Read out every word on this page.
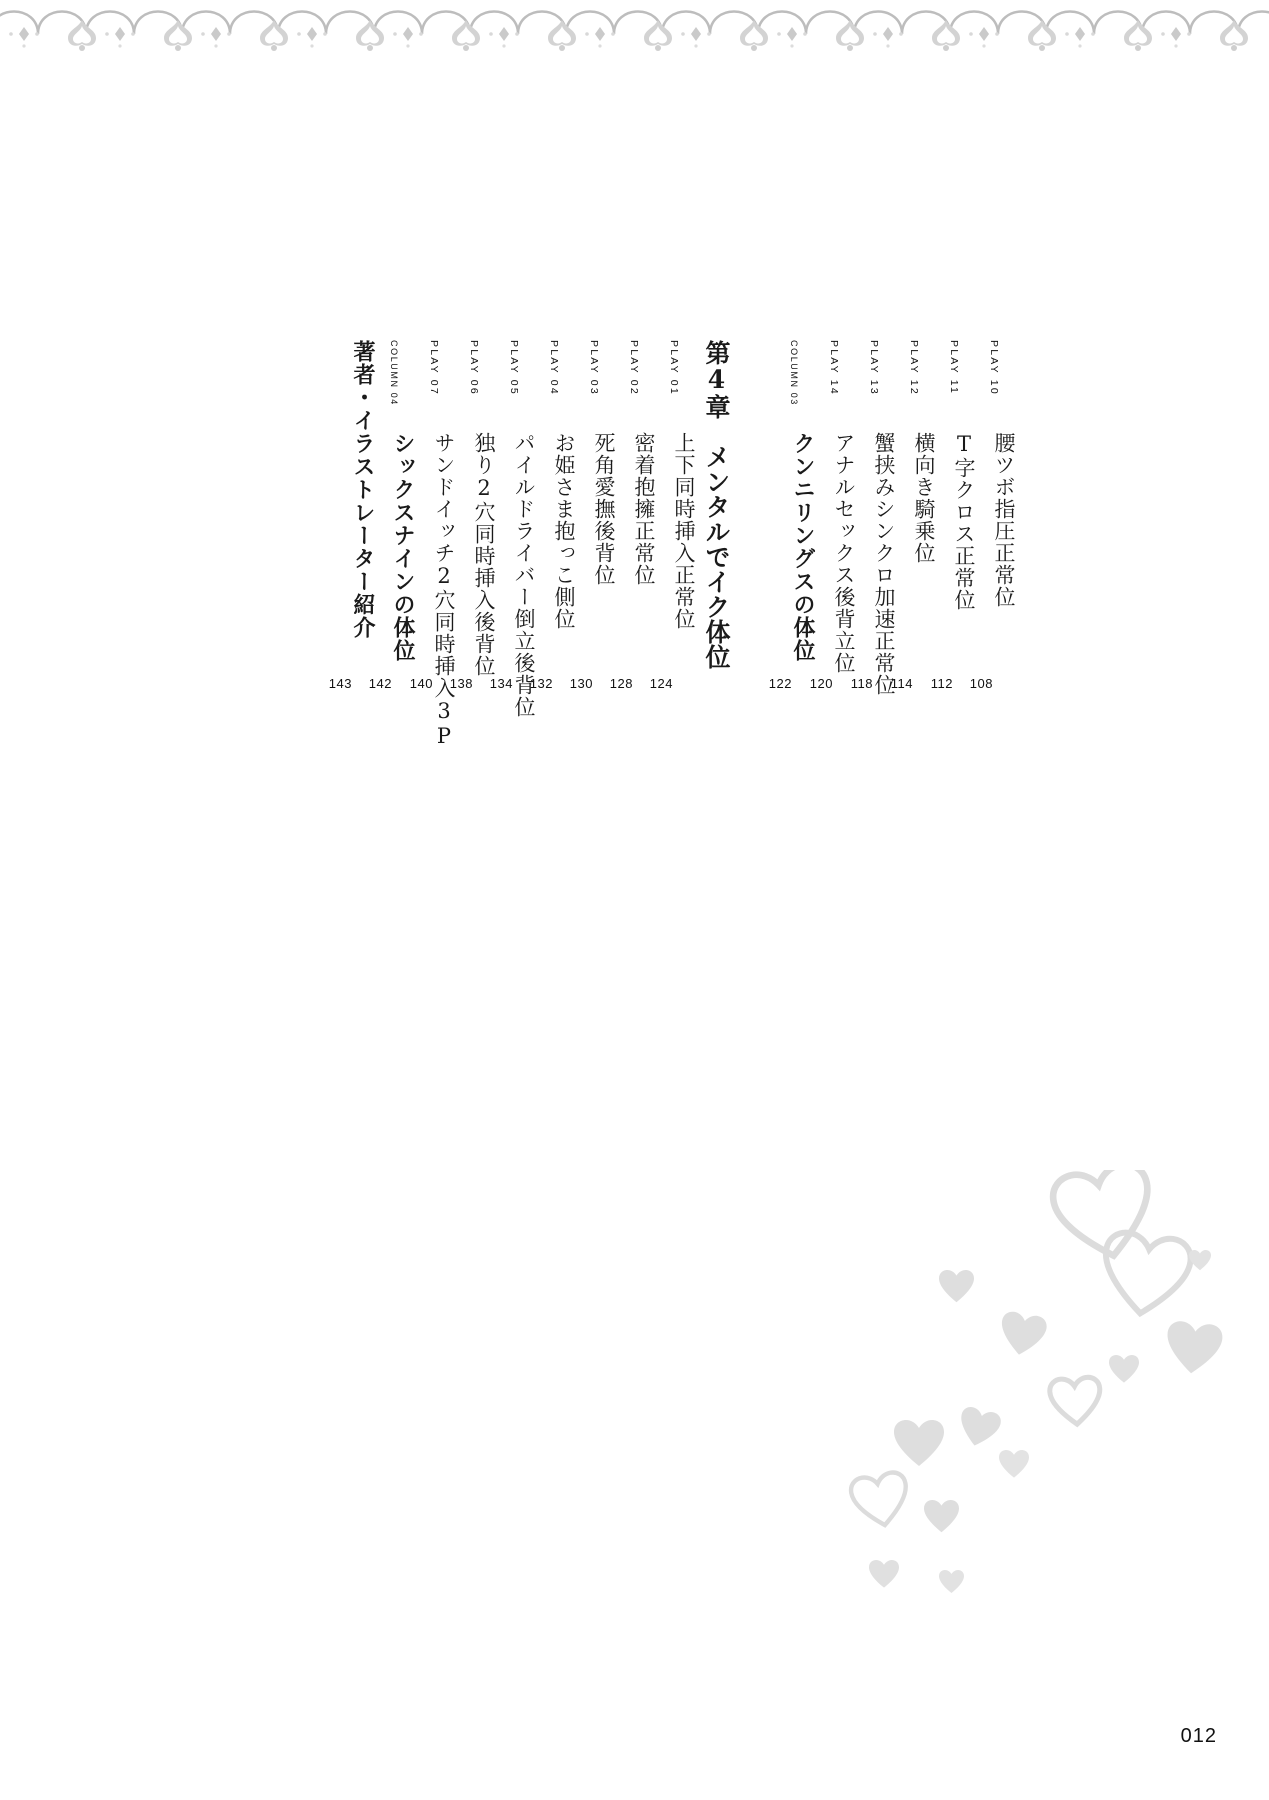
PLAY 10
腰ツボ指圧正常位
108
PLAY 11
T字クロス正常位
112
PLAY 12
横向き騎乗位
114
PLAY 13
蟹挟みシンクロ加速正常位
118
PLAY 14
アナルセックス後背立位
120
COLUMN 03
クンニリングスの体位
122
第4章　メンタルでイク体位
PLAY 01
上下同時挿入正常位
124
PLAY 02
密着抱擁正常位
128
PLAY 03
死角愛撫後背位
130
PLAY 04
お姫さま抱っこ側位
132
PLAY 05
パイルドライバー倒立後背位
134
PLAY 06
独り2穴同時挿入後背位
138
PLAY 07
サンドイッチ2穴同時挿入3P
140
COLUMN 04
シックスナインの体位
142
著者・イラストレーター紹介
143
012
